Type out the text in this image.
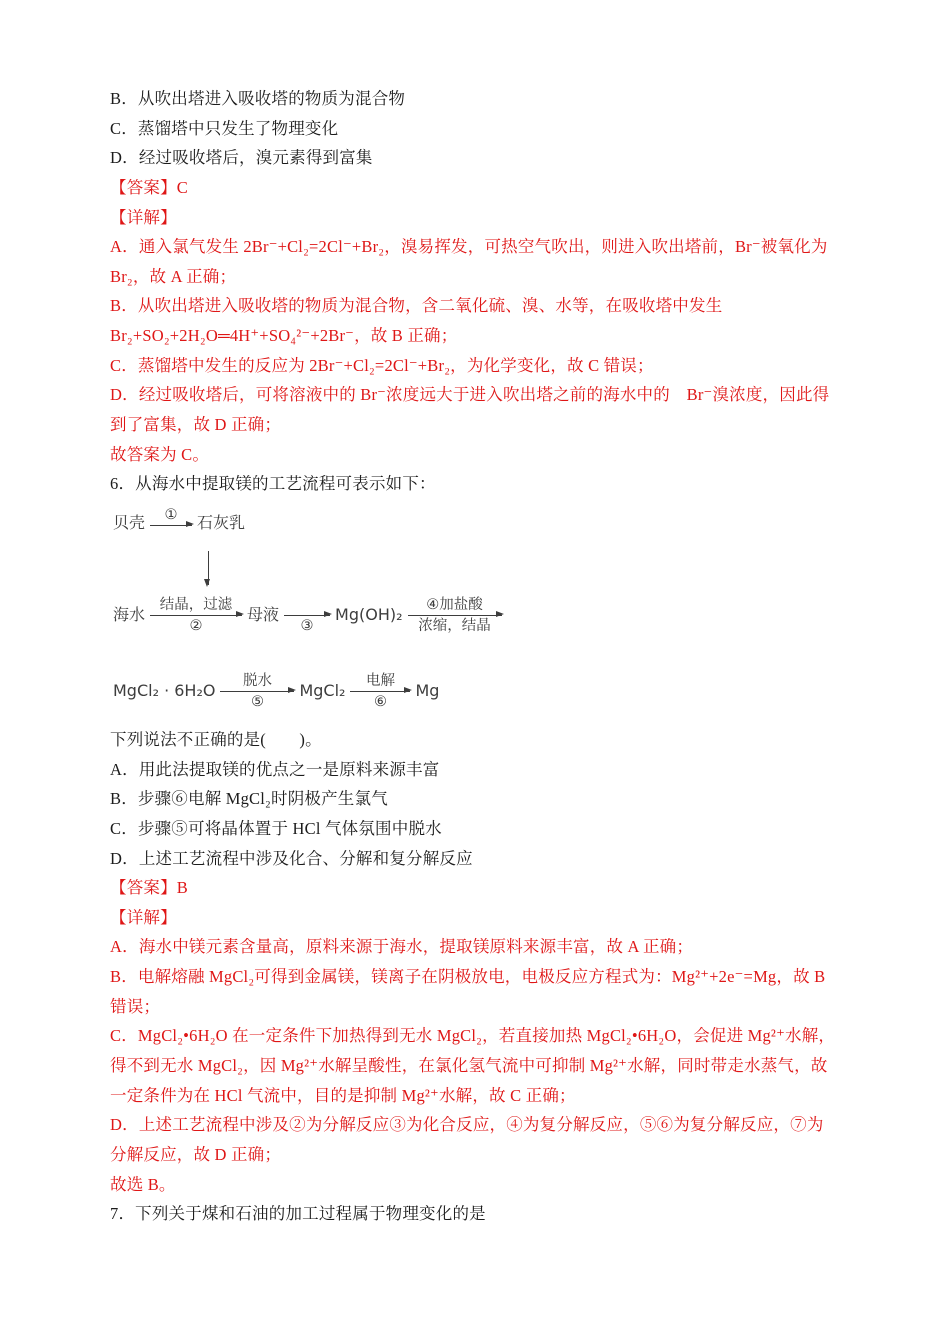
B．从吹出塔进入吸收塔的物质为混合物

C．蒸馏塔中只发生了物理变化

D．经过吸收塔后，溴元素得到富集

【答案】C

【详解】

A．通入氯气发生 2Br⁻+Cl₂=2Cl⁻+Br₂，溴易挥发，可热空气吹出，则进入吹出塔前，Br⁻被氧化为

Br₂，故 A 正确；

B．从吹出塔进入吸收塔的物质为混合物，含二氧化硫、溴、水等，在吸收塔中发生

Br₂+SO₂+2H₂O═4H⁺+SO₄²⁻+2Br⁻，故 B 正确；

C．蒸馏塔中发生的反应为 2Br⁻+Cl₂=2Cl⁻+Br₂，为化学变化，故 C 错误；

D．经过吸收塔后，可将溶液中的 Br⁻浓度远大于进入吹出塔之前的海水中的　Br⁻溴浓度，因此得

到了富集，故 D 正确；

故答案为 C。

6．从海水中提取镁的工艺流程可表示如下：

贝壳	①	石灰乳
海水
结晶，过滤
②
母液
③
Mg(OH)₂
④加盐酸
浓缩，结晶
MgCl₂ · 6H₂O
脱水
⑤
MgCl₂
电解
⑥
Mg

下列说法不正确的是(　　)。

A．用此法提取镁的优点之一是原料来源丰富

B．步骤⑥电解 MgCl₂时阴极产生氯气

C．步骤⑤可将晶体置于 HCl 气体氛围中脱水

D．上述工艺流程中涉及化合、分解和复分解反应

【答案】B

【详解】

A．海水中镁元素含量高，原料来源于海水，提取镁原料来源丰富，故 A 正确；

B．电解熔融 MgCl₂可得到金属镁，镁离子在阴极放电，电极反应方程式为：Mg²⁺+2e⁻=Mg，故 B

错误；

C．MgCl₂•6H₂O 在一定条件下加热得到无水 MgCl₂，若直接加热 MgCl₂•6H₂O，会促进 Mg²⁺水解，

得不到无水 MgCl₂，因 Mg²⁺水解呈酸性，在氯化氢气流中可抑制 Mg²⁺水解，同时带走水蒸气，故

一定条件为在 HCl 气流中，目的是抑制 Mg²⁺水解，故 C 正确；

D．上述工艺流程中涉及②为分解反应③为化合反应，④为复分解反应，⑤⑥为复分解反应，⑦为

分解反应，故 D 正确；

故选 B。

7．下列关于煤和石油的加工过程属于物理变化的是
